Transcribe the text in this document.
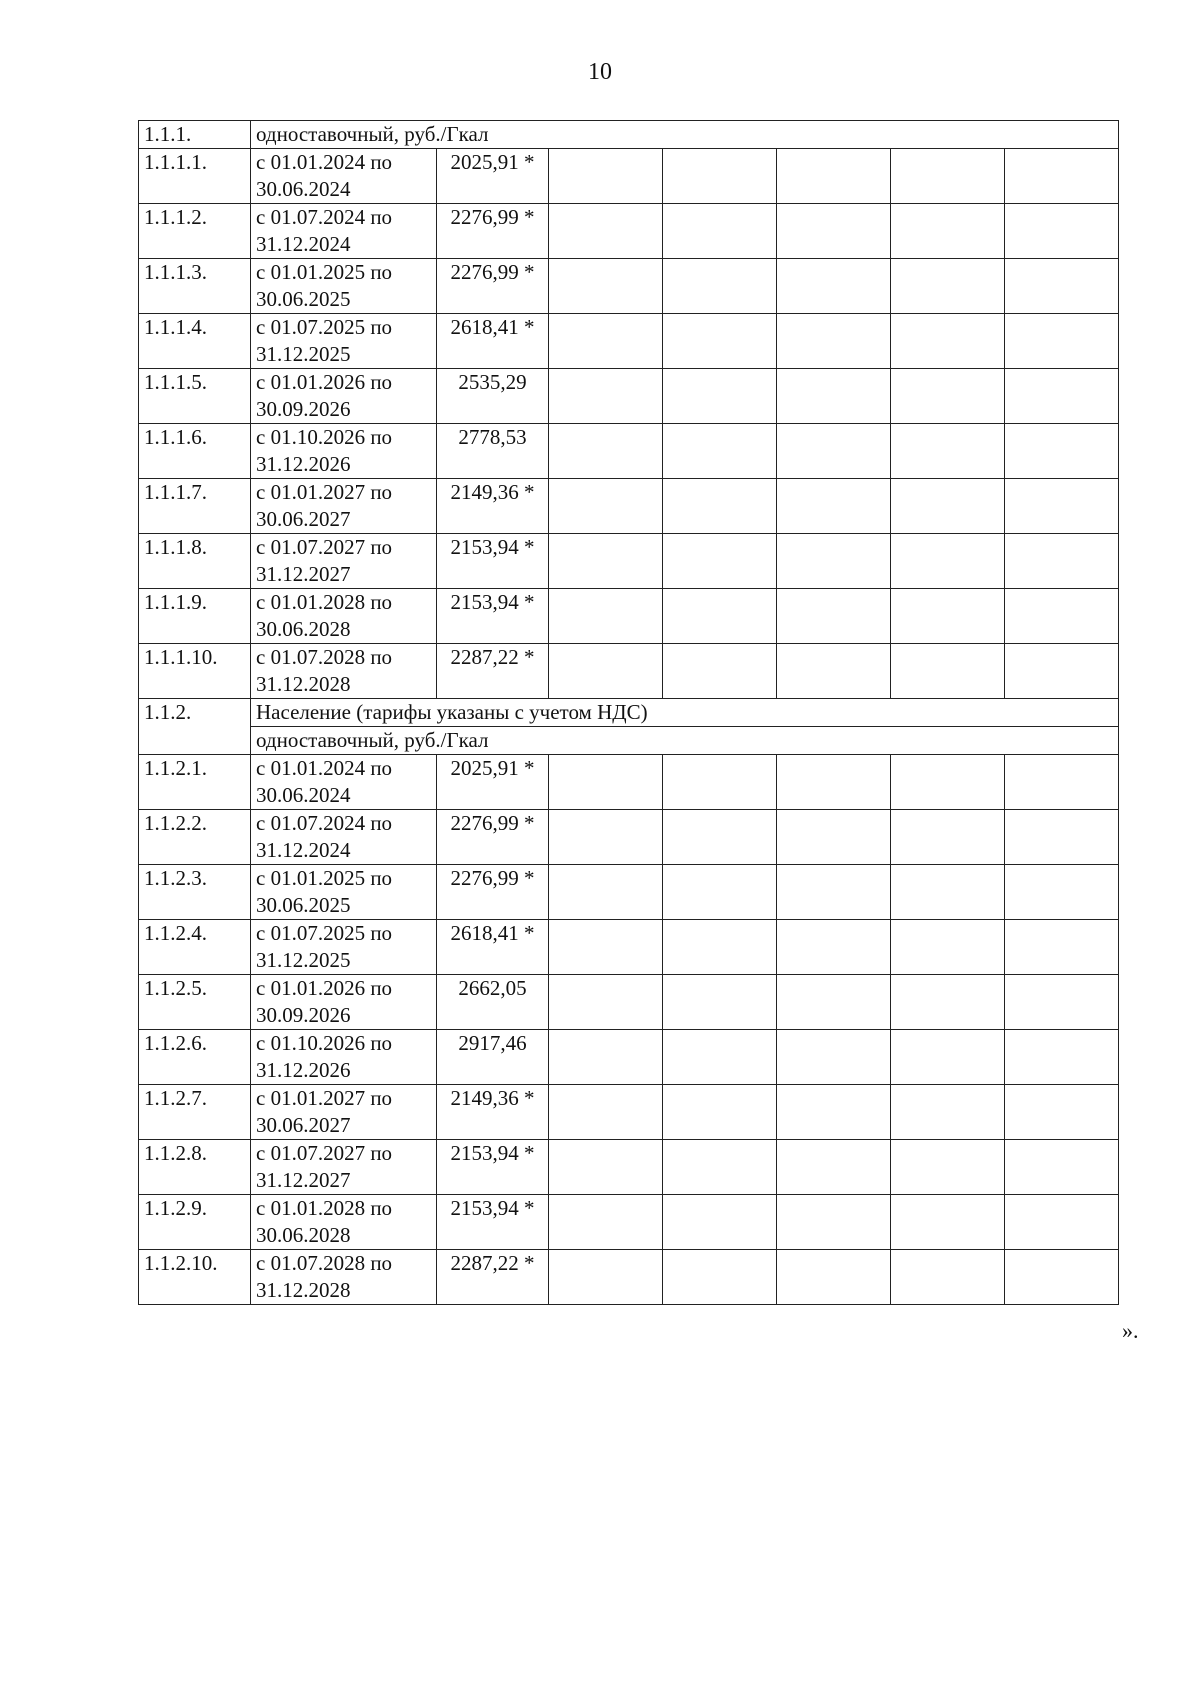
10
1.1.1.	одноставочный, руб./Гкал						
1.1.1.1.	с 01.01.2024 по 30.06.2024	2025,91 *					
1.1.1.2.	с 01.07.2024 по 31.12.2024	2276,99 *					
1.1.1.3.	с 01.01.2025 по 30.06.2025	2276,99 *					
1.1.1.4.	с 01.07.2025 по 31.12.2025	2618,41 *					
1.1.1.5.	с 01.01.2026 по 30.09.2026	2535,29					
1.1.1.6.	с 01.10.2026 по 31.12.2026	2778,53					
1.1.1.7.	с 01.01.2027 по 30.06.2027	2149,36 *					
1.1.1.8.	с 01.07.2027 по 31.12.2027	2153,94 *					
1.1.1.9.	с 01.01.2028 по 30.06.2028	2153,94 *					
1.1.1.10.	с 01.07.2028 по 31.12.2028	2287,22 *					
1.1.2.	Население (тарифы указаны с учетом НДС)						
	одноставочный, руб./Гкал						
1.1.2.1.	с 01.01.2024 по 30.06.2024	2025,91 *					
1.1.2.2.	с 01.07.2024 по 31.12.2024	2276,99 *					
1.1.2.3.	с 01.01.2025 по 30.06.2025	2276,99 *					
1.1.2.4.	с 01.07.2025 по 31.12.2025	2618,41 *					
1.1.2.5.	с 01.01.2026 по 30.09.2026	2662,05					
1.1.2.6.	с 01.10.2026 по 31.12.2026	2917,46					
1.1.2.7.	с 01.01.2027 по 30.06.2027	2149,36 *					
1.1.2.8.	с 01.07.2027 по 31.12.2027	2153,94 *					
1.1.2.9.	с 01.01.2028 по 30.06.2028	2153,94 *					
1.1.2.10.	с 01.07.2028 по 31.12.2028	2287,22 *					
».
